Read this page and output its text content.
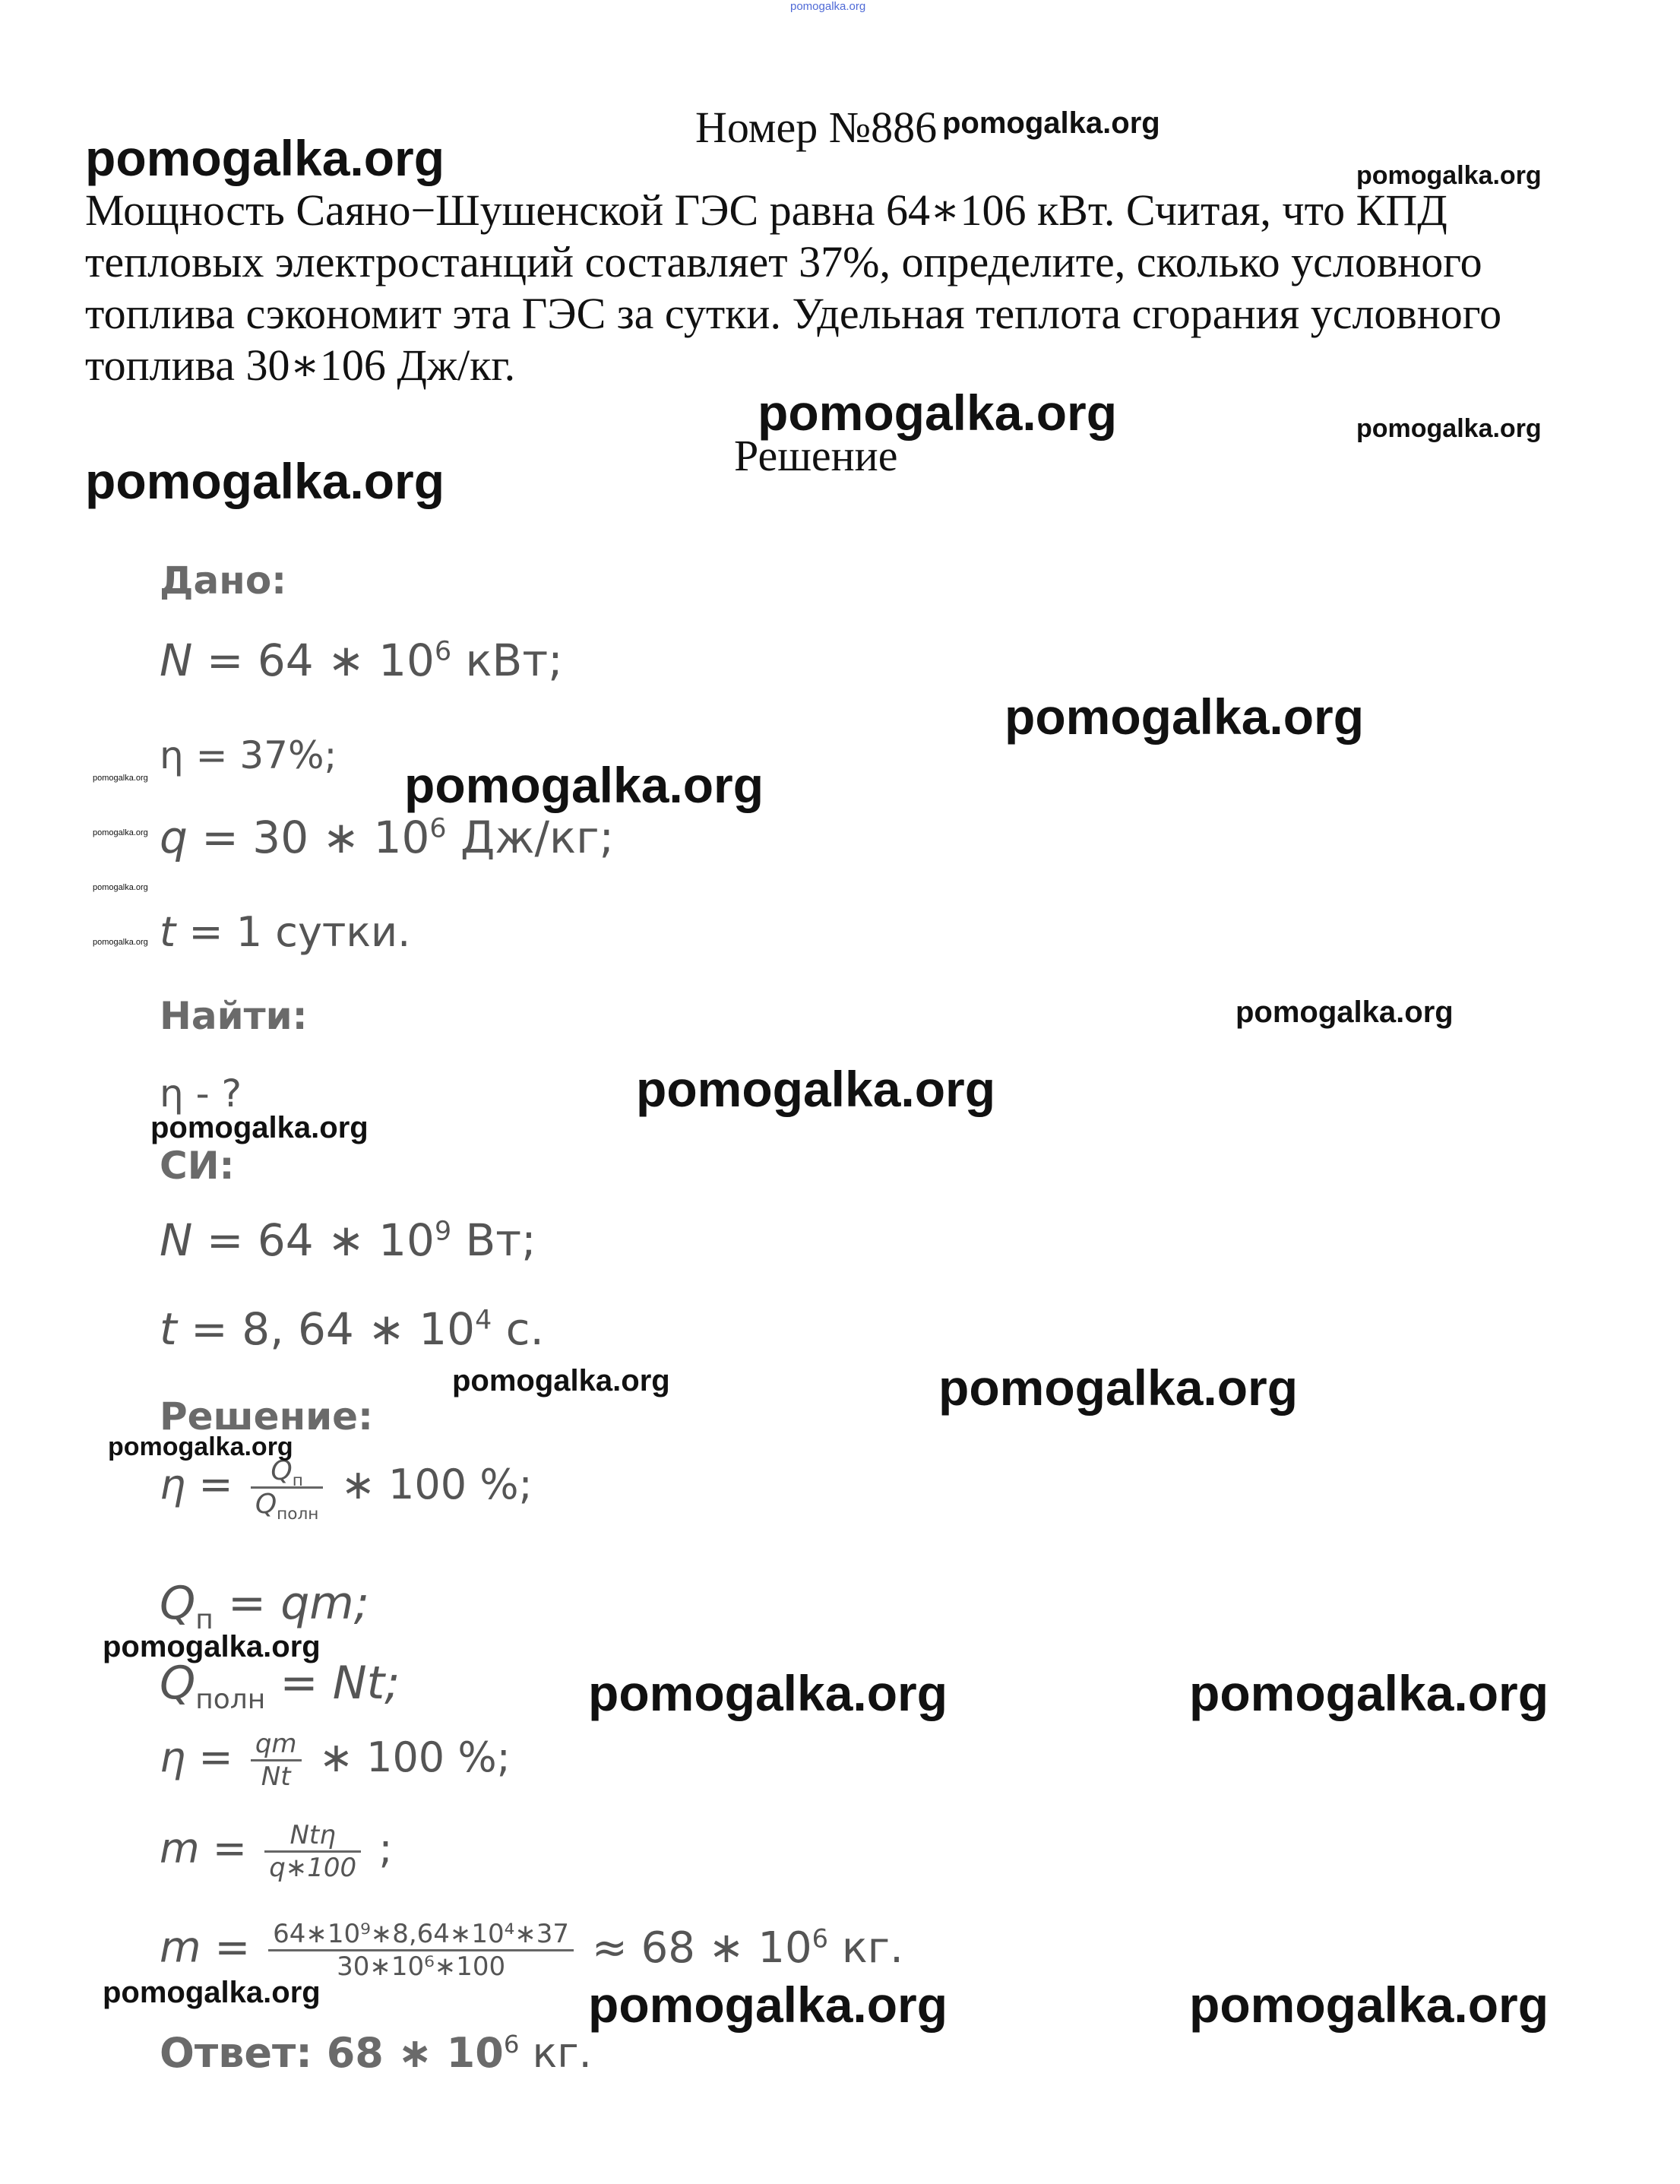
pomogalka.org
Номер №886 pomogalka.org
pomogalka.org	pomogalka.org
Мощность Саяно−Шушенской ГЭС равна 64∗106 кВт. Считая, что КПД
тепловых электростанций составляет 37%, определите, сколько условного
топлива сэкономит эта ГЭС за сутки. Удельная теплота сгорания условного
топлива 30∗106 Дж/кг.
pomogalka.org
Решение
pomogalka.org
pomogalka.org
Дано:
N = 64 ∗ $10^6$ кВт;
η = 37%;
q = 30 ∗ $10^6$ Дж/кг;
t = 1 сутки.
Найти:
η - ?
СИ:
N = 64 ∗ $10^9$ Вт;
t = 8, 64 ∗ $10^4$ с.
Решение:
$\eta = \frac{Q_п}{Q_{полн}}$ ∗ 100 %;
$Q_п$ = qm;
$Q_{полн} = Nt$;
$\eta = \frac{qm}{Nt}$ ∗ 100 %;
$m = \frac{\text{Ntη}}{q∗100}$ ;
$m = \frac{\text{64∗10⁹∗8,64∗10⁴∗37}}{\text{30∗10⁶∗100}} \approx 68$ ∗ $10^6$ кг.
Ответ: 68 ∗ $10^6$ кг.
pomogalka.org
pomogalka.org
pomogalka.org
pomogalka.org
pomogalka.org
pomogalka.org
pomogalka.org
pomogalka.org
pomogalka.org
pomogalka.org	pomogalka.org
pomogalka.org
pomogalka.org
pomogalka.org	pomogalka.org
pomogalka.org	pomogalka.org	pomogalka.org
